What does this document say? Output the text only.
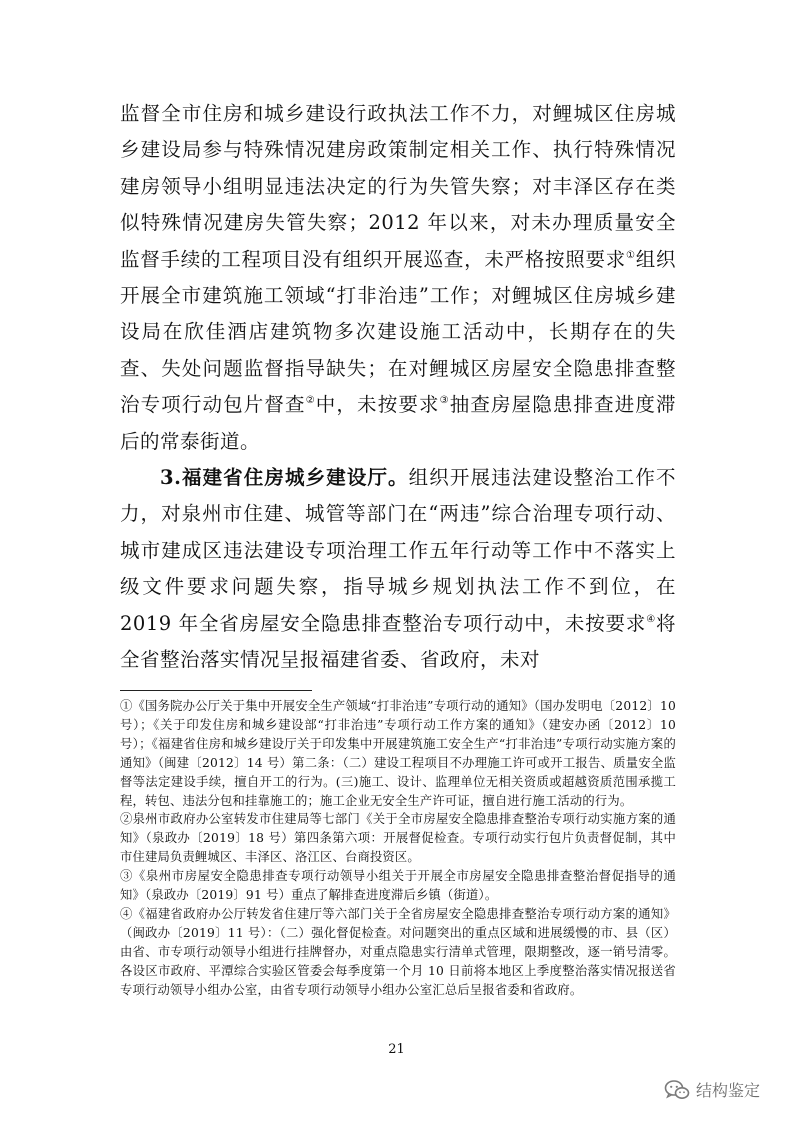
监督全市住房和城乡建设行政执法工作不力，对鲤城区住房城乡建设局参与特殊情况建房政策制定相关工作、执行特殊情况建房领导小组明显违法决定的行为失管失察；对丰泽区存在类似特殊情况建房失管失察；2012 年以来，对未办理质量安全监督手续的工程项目没有组织开展巡查，未严格按照要求①组织开展全市建筑施工领域“打非治违”工作；对鲤城区住房城乡建设局在欣佳酒店建筑物多次建设施工活动中，长期存在的失查、失处问题监督指导缺失；在对鲤城区房屋安全隐患排查整治专项行动包片督查②中，未按要求③抽查房屋隐患排查进度滞后的常泰街道。

3.福建省住房城乡建设厅。组织开展违法建设整治工作不力，对泉州市住建、城管等部门在“两违”综合治理专项行动、城市建成区违法建设专项治理工作五年行动等工作中不落实上级文件要求问题失察，指导城乡规划执法工作不到位，在 2019 年全省房屋安全隐患排查整治专项行动中，未按要求④将全省整治落实情况呈报福建省委、省政府，未对

①《国务院办公厅关于集中开展安全生产领域“打非治违”专项行动的通知》（国办发明电〔2012〕10 号）；《关于印发住房和城乡建设部“打非治违”专项行动工作方案的通知》（建安办函〔2012〕10 号）；《福建省住房和城乡建设厅关于印发集中开展建筑施工安全生产“打非治违”专项行动实施方案的通知》（闽建〔2012〕14 号）第二条：（二）建设工程项目不办理施工许可或开工报告、质量安全监督等法定建设手续，擅自开工的行为。(三)施工、设计、监理单位无相关资质或超越资质范围承揽工程，转包、违法分包和挂靠施工的；施工企业无安全生产许可证，擅自进行施工活动的行为。

②泉州市政府办公室转发市住建局等七部门《关于全市房屋安全隐患排查整治专项行动实施方案的通知》（泉政办〔2019〕18 号）第四条第六项：开展督促检查。专项行动实行包片负责督促制，其中市住建局负责鲤城区、丰泽区、洛江区、台商投资区。

③《泉州市房屋安全隐患排查专项行动领导小组关于开展全市房屋安全隐患排查整治督促指导的通知》（泉政办〔2019〕91 号）重点了解排查进度滞后乡镇（街道）。

④《福建省政府办公厅转发省住建厅等六部门关于全省房屋安全隐患排查整治专项行动方案的通知》（闽政办〔2019〕11 号）：（二）强化督促检查。对问题突出的重点区域和进展缓慢的市、县（区）由省、市专项行动领导小组进行挂牌督办，对重点隐患实行清单式管理，限期整改，逐一销号清零。各设区市政府、平潭综合实验区管委会每季度第一个月 10 日前将本地区上季度整治落实情况报送省专项行动领导小组办公室，由省专项行动领导小组办公室汇总后呈报省委和省政府。

21
结构鉴定
